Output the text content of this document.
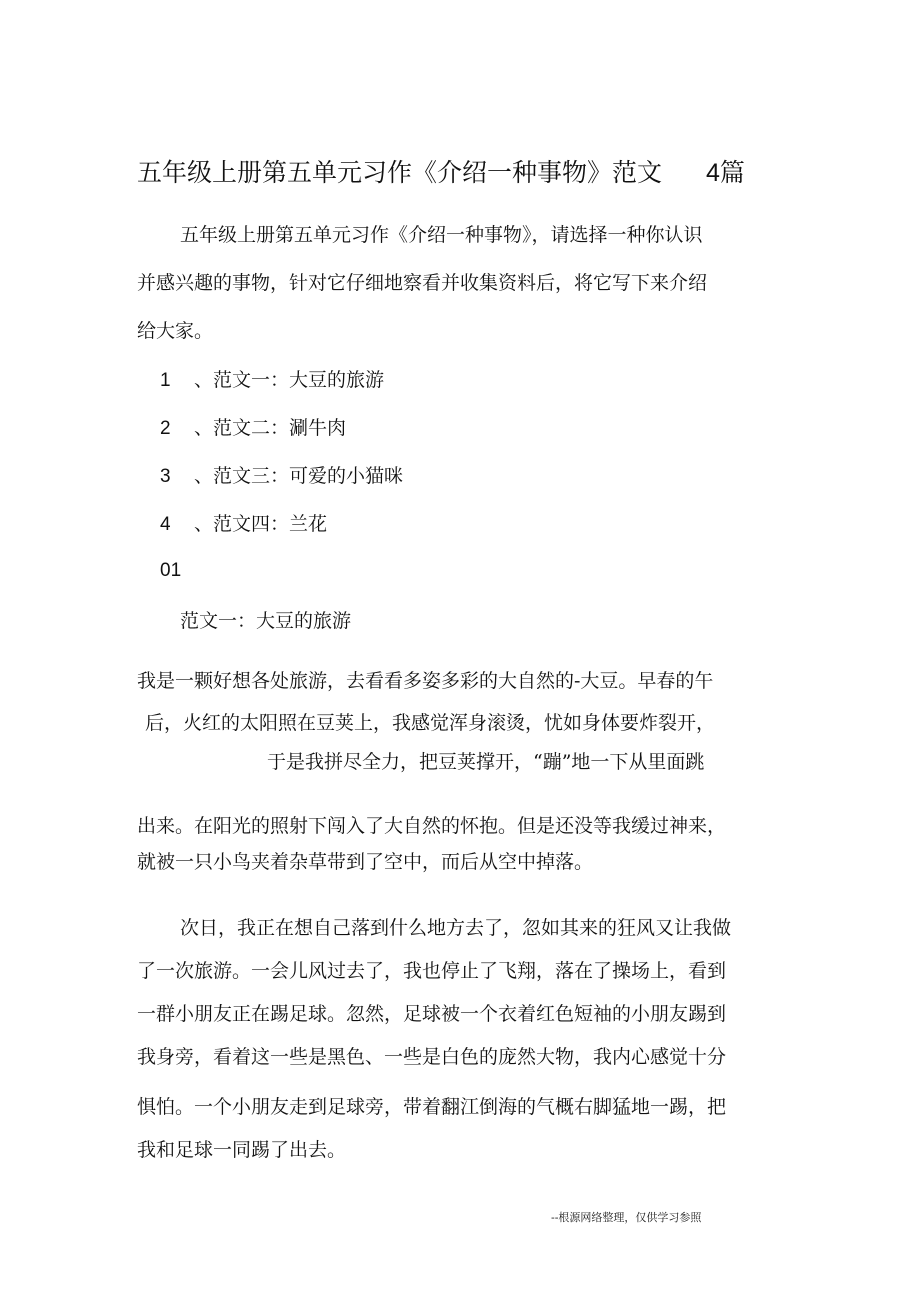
五年级上册第五单元习作《介绍一种事物》范文 4篇
五年级上册第五单元习作《介绍一种事物》，请选择一种你认识
并感兴趣的事物，针对它仔细地察看并收集资料后，将它写下来介绍
给大家。
1 、范文一：大豆的旅游
2 、范文二：涮牛肉
3 、范文三：可爱的小猫咪
4 、范文四：兰花
01
范文一：大豆的旅游
我是一颗好想各处旅游，去看看多姿多彩的大自然的-大豆。早春的午
后，火红的太阳照在豆荚上，我感觉浑身滚烫，忧如身体要炸裂开，
于是我拼尽全力，把豆荚撑开，“蹦”地一下从里面跳
出来。在阳光的照射下闯入了大自然的怀抱。但是还没等我缓过神来，
就被一只小鸟夹着杂草带到了空中，而后从空中掉落。
次日，我正在想自己落到什么地方去了，忽如其来的狂风又让我做
了一次旅游。一会儿风过去了，我也停止了飞翔，落在了操场上，看到
一群小朋友正在踢足球。忽然，足球被一个衣着红色短袖的小朋友踢到
我身旁，看着这一些是黑色、一些是白色的庞然大物，我内心感觉十分
惧怕。一个小朋友走到足球旁，带着翻江倒海的气概右脚猛地一踢，把
我和足球一同踢了出去。
--根源网络整理，仅供学习参照
